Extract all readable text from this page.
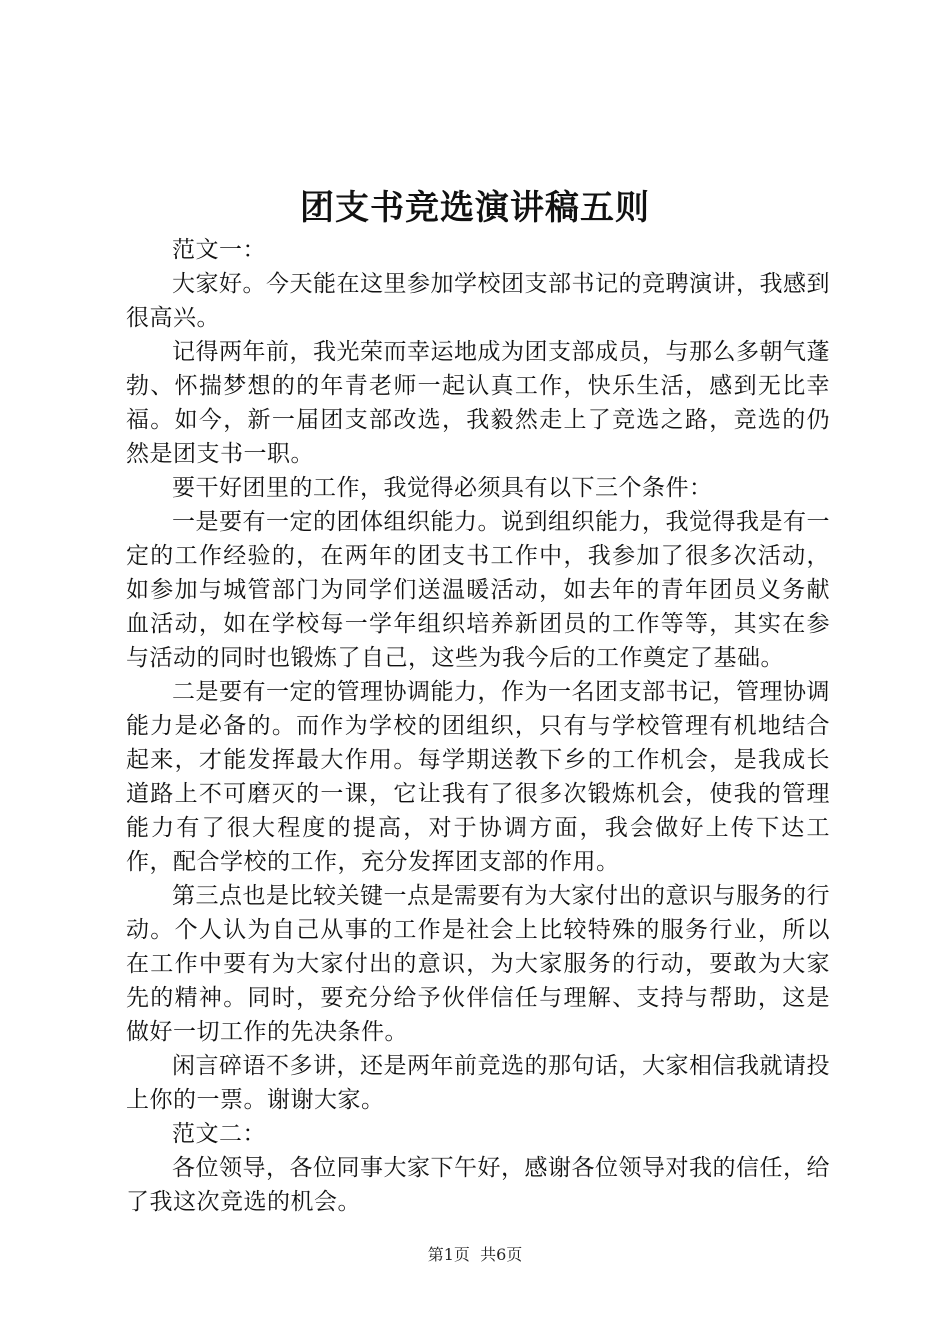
团支书竞选演讲稿五则

范文一：

大家好。今天能在这里参加学校团支部书记的竞聘演讲，我感到很高兴。

记得两年前，我光荣而幸运地成为团支部成员，与那么多朝气蓬勃、怀揣梦想的的年青老师一起认真工作，快乐生活，感到无比幸福。如今，新一届团支部改选，我毅然走上了竞选之路，竞选的仍然是团支书一职。

要干好团里的工作，我觉得必须具有以下三个条件：

一是要有一定的团体组织能力。说到组织能力，我觉得我是有一定的工作经验的，在两年的团支书工作中，我参加了很多次活动，如参加与城管部门为同学们送温暖活动，如去年的青年团员义务献血活动，如在学校每一学年组织培养新团员的工作等等，其实在参与活动的同时也锻炼了自己，这些为我今后的工作奠定了基础。

二是要有一定的管理协调能力，作为一名团支部书记，管理协调能力是必备的。而作为学校的团组织，只有与学校管理有机地结合起来，才能发挥最大作用。每学期送教下乡的工作机会，是我成长道路上不可磨灭的一课，它让我有了很多次锻炼机会，使我的管理能力有了很大程度的提高，对于协调方面，我会做好上传下达工作，配合学校的工作，充分发挥团支部的作用。

第三点也是比较关键一点是需要有为大家付出的意识与服务的行动。个人认为自己从事的工作是社会上比较特殊的服务行业，所以在工作中要有为大家付出的意识，为大家服务的行动，要敢为大家先的精神。同时，要充分给予伙伴信任与理解、支持与帮助，这是做好一切工作的先决条件。

闲言碎语不多讲，还是两年前竞选的那句话，大家相信我就请投上你的一票。谢谢大家。

范文二：

各位领导，各位同事大家下午好，感谢各位领导对我的信任，给了我这次竞选的机会。

第1页  共6页
